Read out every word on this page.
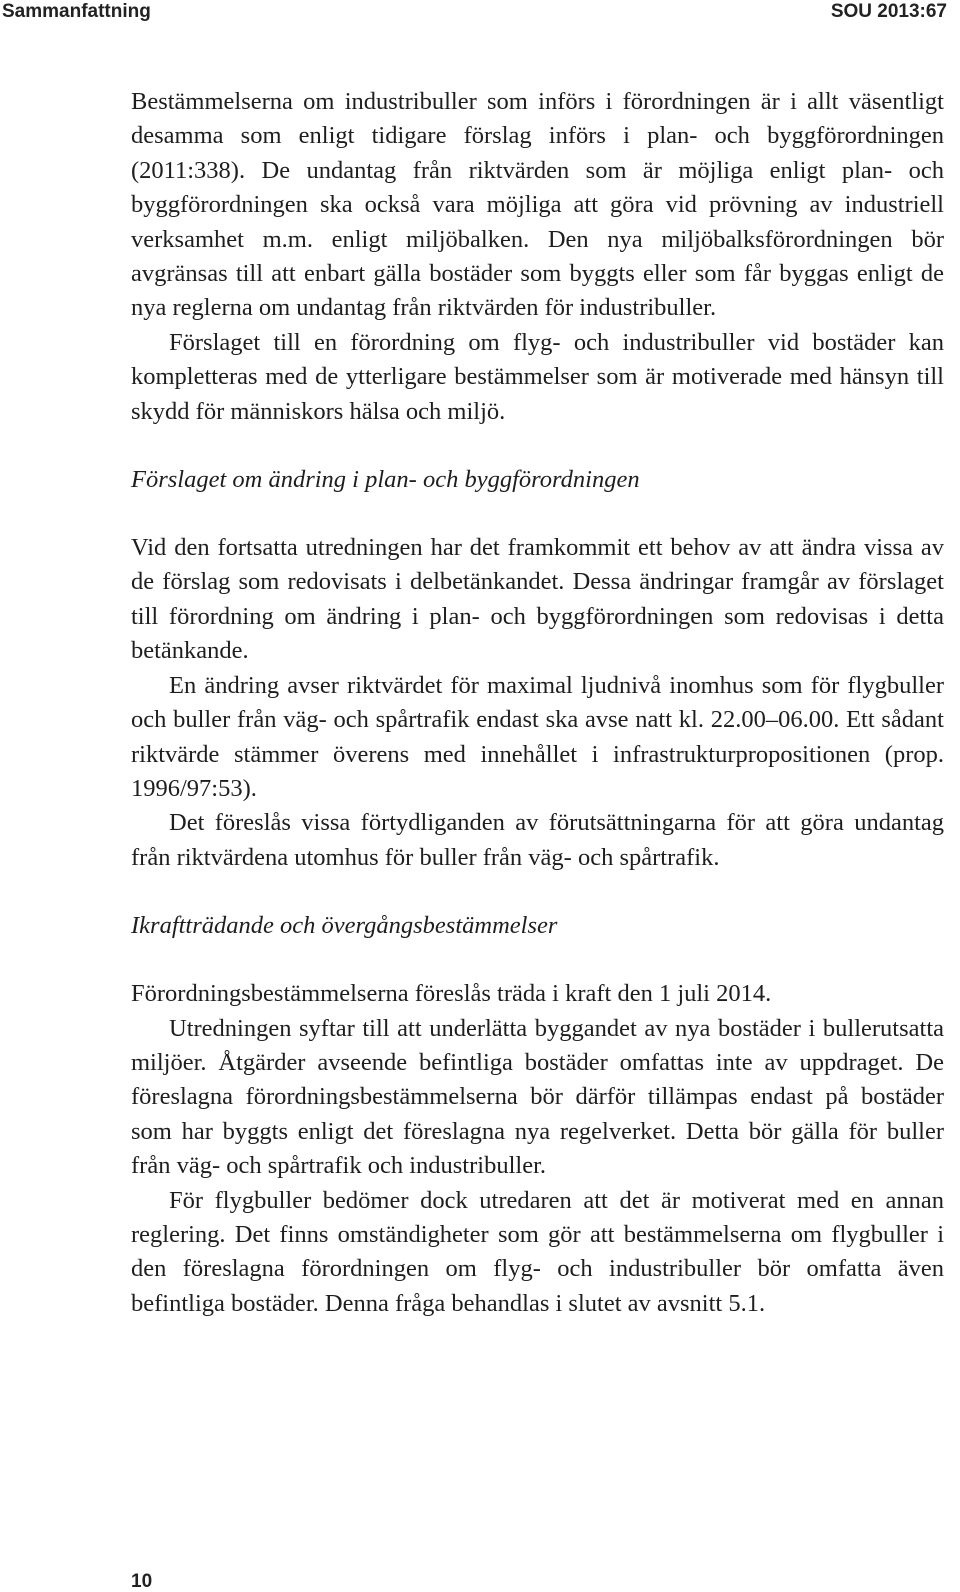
Sammanfattning	SOU 2013:67

Bestämmelserna om industribuller som införs i förordningen är i allt väsentligt desamma som enligt tidigare förslag införs i plan- och byggförordningen (2011:338). De undantag från riktvärden som är möjliga enligt plan- och byggförordningen ska också vara möjliga att göra vid prövning av industriell verksamhet m.m. enligt miljöbalken. Den nya miljöbalksförordningen bör avgränsas till att enbart gälla bostäder som byggts eller som får byggas enligt de nya reglerna om undantag från riktvärden för industribuller.

Förslaget till en förordning om flyg- och industribuller vid bostäder kan kompletteras med de ytterligare bestämmelser som är motiverade med hänsyn till skydd för människors hälsa och miljö.

Förslaget om ändring i plan- och byggförordningen

Vid den fortsatta utredningen har det framkommit ett behov av att ändra vissa av de förslag som redovisats i delbetänkandet. Dessa ändringar framgår av förslaget till förordning om ändring i plan- och byggförordningen som redovisas i detta betänkande.

En ändring avser riktvärdet för maximal ljudnivå inomhus som för flygbuller och buller från väg- och spårtrafik endast ska avse natt kl. 22.00–06.00. Ett sådant riktvärde stämmer överens med innehållet i infrastrukturpropositionen (prop. 1996/97:53).

Det föreslås vissa förtydliganden av förutsättningarna för att göra undantag från riktvärdena utomhus för buller från väg- och spårtrafik.

Ikraftträdande och övergångsbestämmelser

Förordningsbestämmelserna föreslås träda i kraft den 1 juli 2014.

Utredningen syftar till att underlätta byggandet av nya bostäder i bullerutsatta miljöer. Åtgärder avseende befintliga bostäder omfattas inte av uppdraget. De föreslagna förordningsbestämmelserna bör därför tillämpas endast på bostäder som har byggts enligt det föreslagna nya regelverket. Detta bör gälla för buller från väg- och spårtrafik och industribuller.

För flygbuller bedömer dock utredaren att det är motiverat med en annan reglering. Det finns omständigheter som gör att bestämmelserna om flygbuller i den föreslagna förordningen om flyg- och industribuller bör omfatta även befintliga bostäder. Denna fråga behandlas i slutet av avsnitt 5.1.

10
